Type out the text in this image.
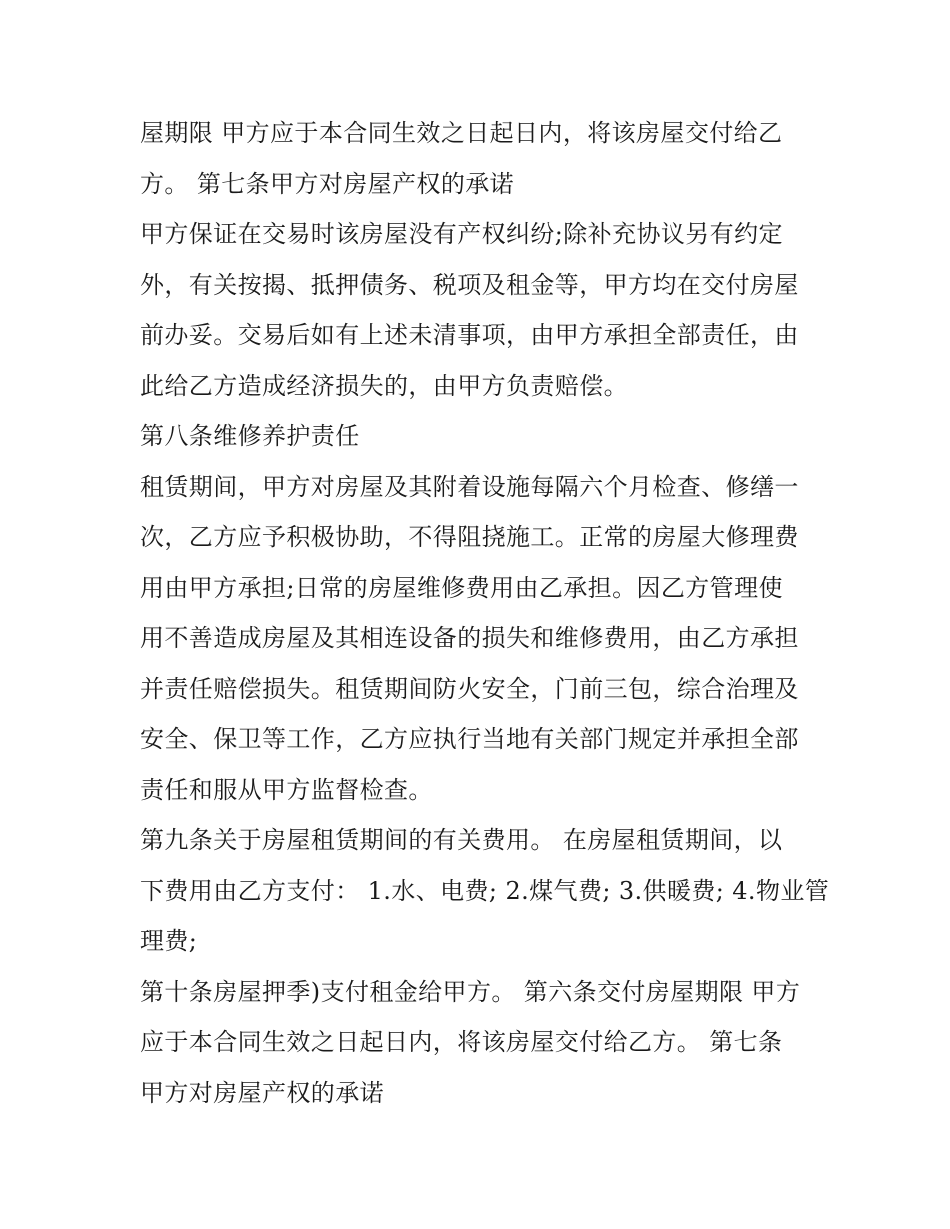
屋期限 甲方应于本合同生效之日起日内，将该房屋交付给乙
方。 第七条甲方对房屋产权的承诺
甲方保证在交易时该房屋没有产权纠纷;除补充协议另有约定
外，有关按揭、抵押债务、税项及租金等，甲方均在交付房屋
前办妥。交易后如有上述未清事项，由甲方承担全部责任，由
此给乙方造成经济损失的，由甲方负责赔偿。
第八条维修养护责任
租赁期间，甲方对房屋及其附着设施每隔六个月检查、修缮一
次，乙方应予积极协助，不得阻挠施工。正常的房屋大修理费
用由甲方承担;日常的房屋维修费用由乙承担。因乙方管理使
用不善造成房屋及其相连设备的损失和维修费用，由乙方承担
并责任赔偿损失。租赁期间防火安全，门前三包，综合治理及
安全、保卫等工作，乙方应执行当地有关部门规定并承担全部
责任和服从甲方监督检查。
第九条关于房屋租赁期间的有关费用。 在房屋租赁期间，以
下费用由乙方支付： 1.水、电费; 2.煤气费; 3.供暖费; 4.物业管
理费;
第十条房屋押季)支付租金给甲方。 第六条交付房屋期限 甲方
应于本合同生效之日起日内，将该房屋交付给乙方。 第七条
甲方对房屋产权的承诺
